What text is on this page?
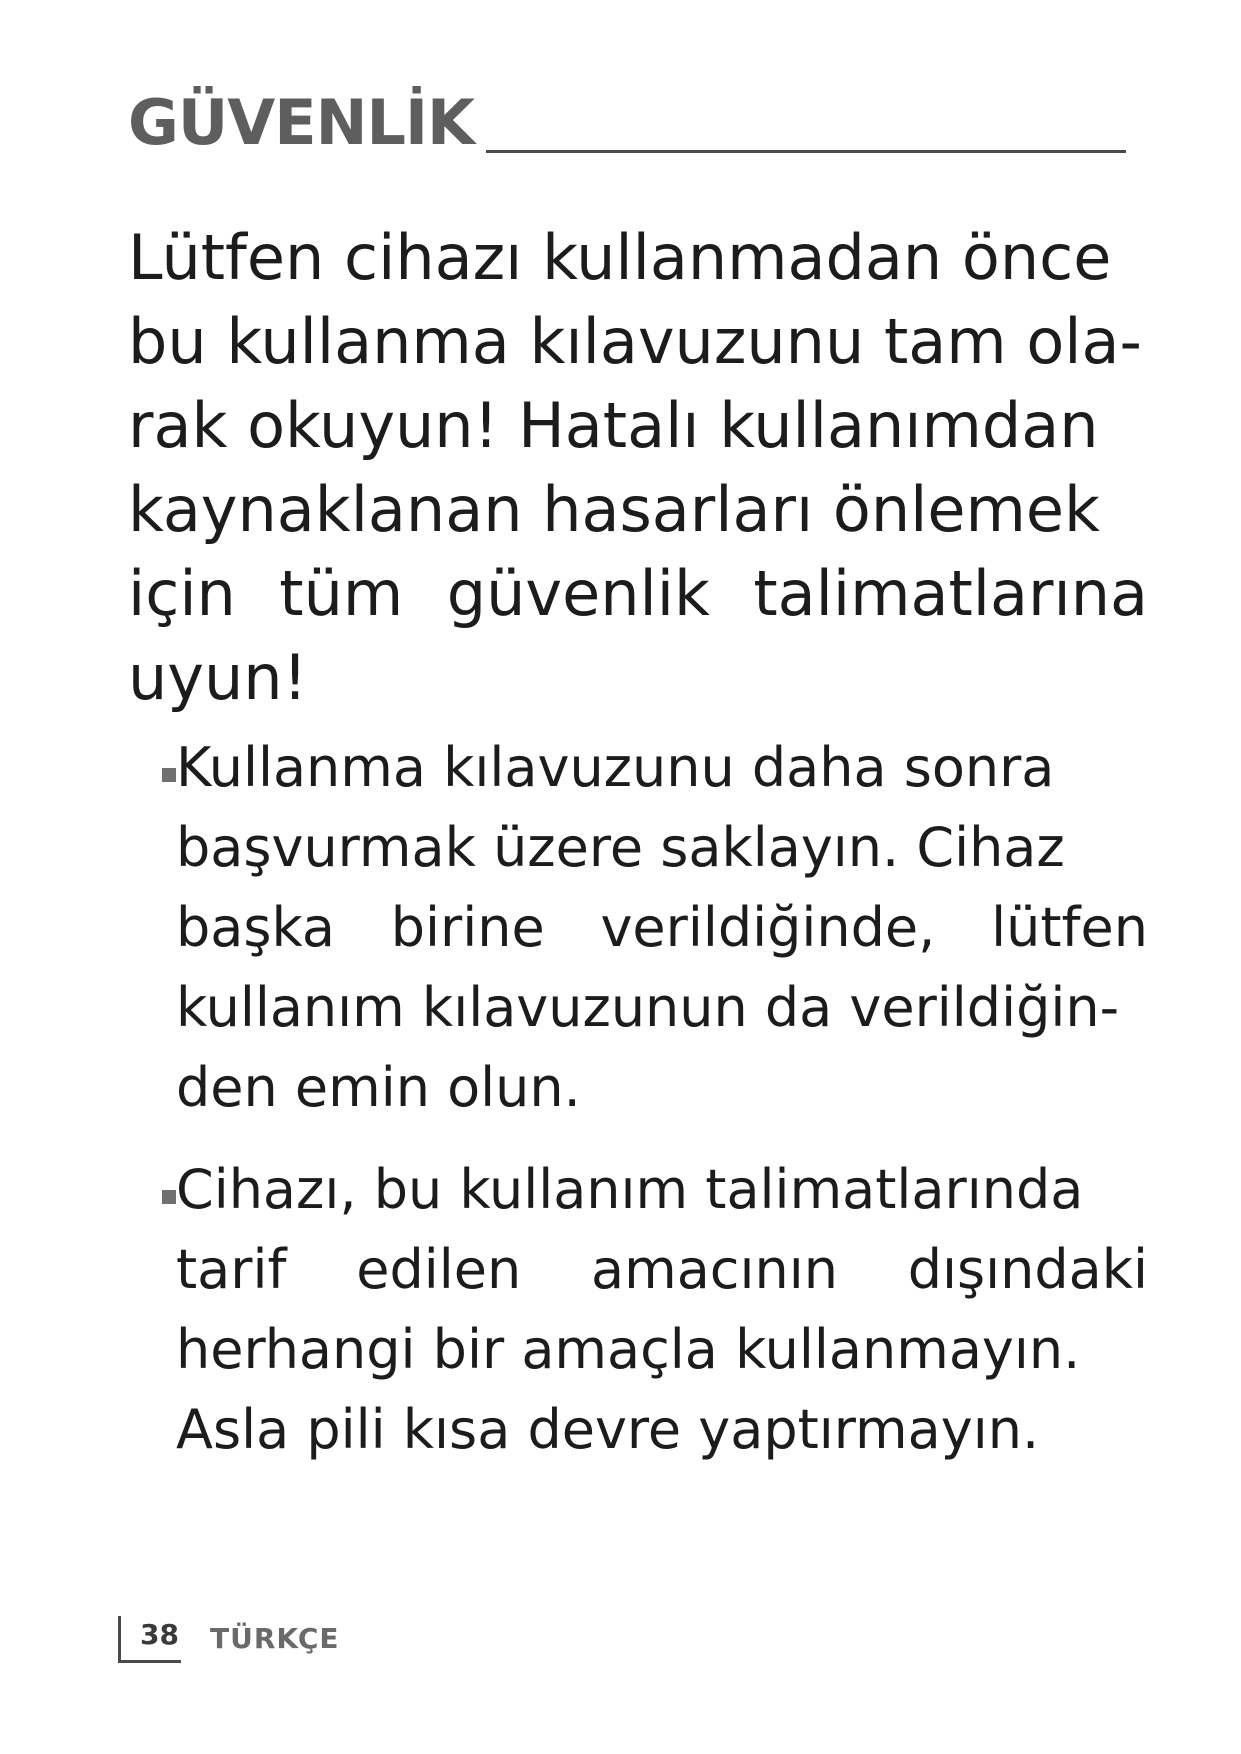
GÜVENLİK
Lütfen cihazı kullanmadan önce
bu kullanma kılavuzunu tam ola-
rak okuyun! Hatalı kullanımdan
kaynaklanan hasarları önlemek
için tüm güvenlik talimatlarına
uyun!
Kullanma kılavuzunu daha sonra
başvurmak üzere saklayın. Cihaz
başka birine verildiğinde, lütfen
kullanım kılavuzunun da verildiğin-
den emin olun.
Cihazı, bu kullanım talimatlarında
tarif edilen amacının dışındaki
herhangi bir amaçla kullanmayın.
Asla pili kısa devre yaptırmayın.
38 TÜRKÇE
